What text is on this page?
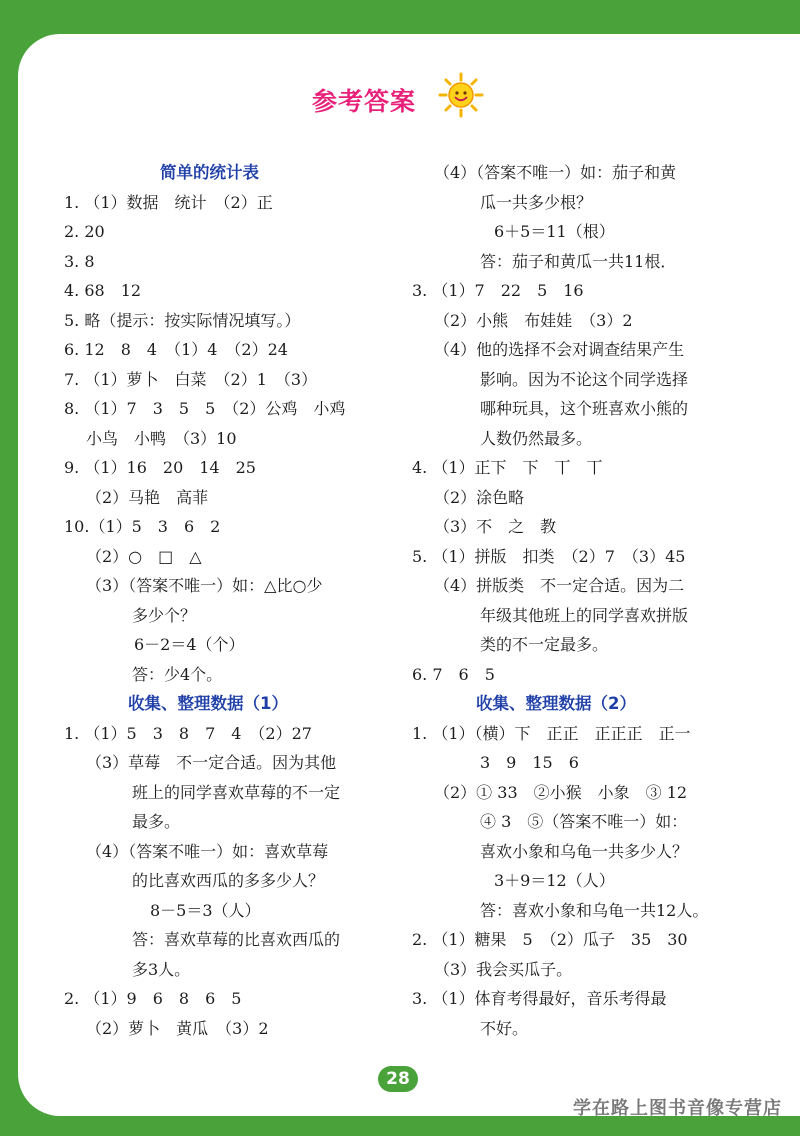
参考答案
简单的统计表
1. （1）数据　统计　（2）正
2. 20
3. 8
4. 68　12
5. 略（提示：按实际情况填写。）
6. 12　8　4　（1）4　（2）24
7. （1）萝卜　白菜　（2）1　（3）
8. （1）7　3　5　5　（2）公鸡　小鸡
小鸟　小鸭　（3）10
9. （1）16　20　14　25
（2）马艳　高菲
10.（1）5　3　6　2
（2）○　□　△
（3）（答案不唯一）如：△比○少
多少个？
6－2＝4（个）
答：少4个。
收集、整理数据（1）
1. （1）5　3　8　7　4　（2）27
（3）草莓　不一定合适。因为其他
班上的同学喜欢草莓的不一定
最多。
（4）（答案不唯一）如：喜欢草莓
的比喜欢西瓜的多多少人？
8－5＝3（人）
答：喜欢草莓的比喜欢西瓜的
多3人。
2. （1）9　6　8　6　5
（2）萝卜　黄瓜　（3）2
（4）（答案不唯一）如：茄子和黄
瓜一共多少根？
6＋5＝11（根）
答：茄子和黄瓜一共11根．
3. （1）7　22　5　16
（2）小熊　布娃娃　（3）2
（4）他的选择不会对调查结果产生
影响。因为不论这个同学选择
哪种玩具，这个班喜欢小熊的
人数仍然最多。
4. （1）正下　下　丅　丅
（2）涂色略
（3）不　之　教
5. （1）拼版　扣类　（2）7　（3）45
（4）拼版类　不一定合适。因为二
年级其他班上的同学喜欢拼版
类的不一定最多。
6. 7　6　5
收集、整理数据（2）
1. （1）（横）下　正正　正正正　正一
3　9　15　6
（2）① 33　②小猴　小象　③ 12
④ 3　⑤（答案不唯一）如：
喜欢小象和乌龟一共多少人？
3＋9＝12（人）
答：喜欢小象和乌龟一共12人。
2. （1）糖果　5　（2）瓜子　35　30
（3）我会买瓜子。
3. （1）体育考得最好，音乐考得最
不好。
28
学在路上图书音像专营店
